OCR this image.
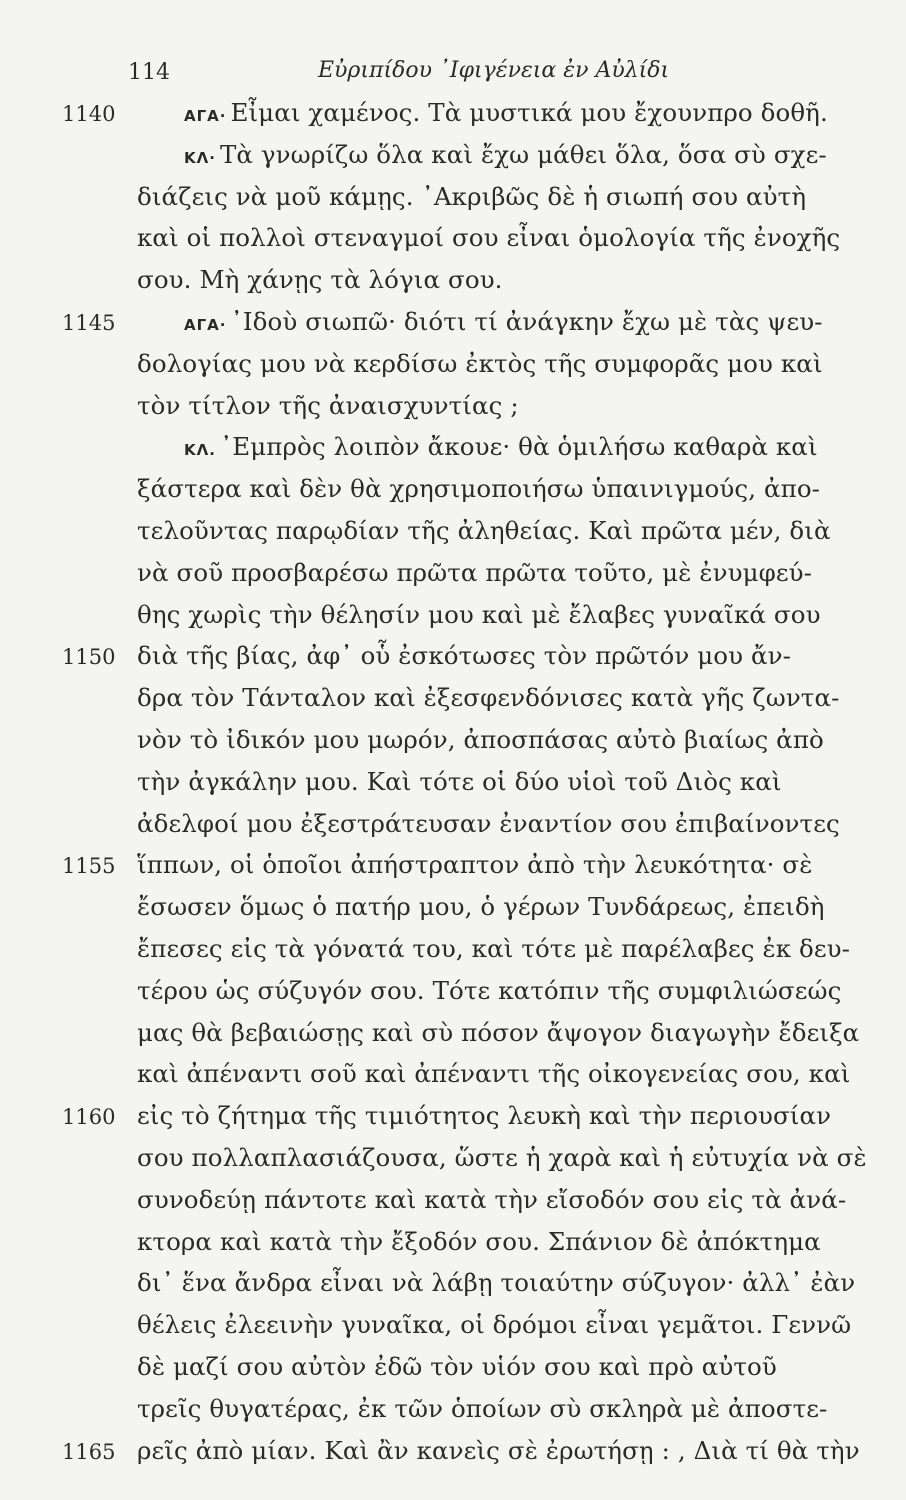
114	Εὐριπίδου ᾿Ιφιγένεια ἐν Αὐλίδι
1140	ΑΓΑ· Εἶμαι χαμένος. Τὰ μυστικά μου ἔχουνπρο δοθῆ.
ΚΛ· Τὰ γνωρίζω ὅλα καὶ ἔχω μάθει ὅλα, ὅσα σὺ σχε-
διάζεις νὰ μοῦ κάμῃς. ᾿Ακριβῶς δὲ ἡ σιωπή σου αὐτὴ
καὶ οἱ πολλοὶ στεναγμοί σου εἶναι ὁμολογία τῆς ἐνοχῆς
σου. Μὴ χάνῃς τὰ λόγια σου.
1145	ΑΓΑ· ᾿Ιδοὺ σιωπῶ· διότι τί ἀνάγκην ἔχω μὲ τὰς ψευ-
δολογίας μου νὰ κερδίσω ἐκτὸς τῆς συμφορᾶς μου καὶ
τὸν τίτλον τῆς ἀναισχυντίας ;
ΚΛ. ᾿Εμπρὸς λοιπὸν ἄκουε· θὰ ὁμιλήσω καθαρὰ καὶ
ξάστερα καὶ δὲν θὰ χρησιμοποιήσω ὑπαινιγμούς, ἀπο-
τελοῦντας παρῳδίαν τῆς ἀληθείας. Καὶ πρῶτα μέν, διὰ
νὰ σοῦ προσβαρέσω πρῶτα πρῶτα τοῦτο, μὲ ἐνυμφεύ-
θης χωρὶς τὴν θέλησίν μου καὶ μὲ ἔλαβες γυναῖκά σου
1150 διὰ τῆς βίας, ἀφ᾿ οὗ ἐσκότωσες τὸν πρῶτόν μου ἄν-
δρα τὸν Τάνταλον καὶ ἐξεσφενδόνισες κατὰ γῆς ζωντα-
νὸν τὸ ἰδικόν μου μωρόν, ἀποσπάσας αὐτὸ βιαίως ἀπὸ
τὴν ἀγκάλην μου. Καὶ τότε οἱ δύο υἱοὶ τοῦ Διὸς καὶ
ἀδελφοί μου ἐξεστράτευσαν ἐναντίον σου ἐπιβαίνοντες
1155 ἵππων, οἱ ὁποῖοι ἀπήστραπτον ἀπὸ τὴν λευκότητα· σὲ
ἔσωσεν ὅμως ὁ πατήρ μου, ὁ γέρων Τυνδάρεως, ἐπειδὴ
ἔπεσες εἰς τὰ γόνατά του, καὶ τότε μὲ παρέλαβες ἐκ δευ-
τέρου ὡς σύζυγόν σου. Τότε κατόπιν τῆς συμφιλιώσεώς
μας θὰ βεβαιώσῃς καὶ σὺ πόσον ἄψογον διαγωγὴν ἔδειξα
καὶ ἀπέναντι σοῦ καὶ ἀπέναντι τῆς οἰκογενείας σου, καὶ
1160 εἰς τὸ ζήτημα τῆς τιμιότητος λευκὴ καὶ τὴν περιουσίαν
σου πολλαπλασιάζουσα, ὥστε ἡ χαρὰ καὶ ἡ εὐτυχία νὰ σὲ
συνοδεύῃ πάντοτε καὶ κατὰ τὴν εἴσοδόν σου εἰς τὰ ἀνά-
κτορα καὶ κατὰ τὴν ἔξοδόν σου. Σπάνιον δὲ ἀπόκτημα
δι᾿ ἕνα ἄνδρα εἶναι νὰ λάβῃ τοιαύτην σύζυγον· ἀλλ᾿ ἐὰν
θέλεις ἐλεεινὴν γυναῖκα, οἱ δρόμοι εἶναι γεμᾶτοι. Γεννῶ
δὲ μαζί σου αὐτὸν ἐδῶ τὸν υἱόν σου καὶ πρὸ αὐτοῦ
τρεῖς θυγατέρας, ἐκ τῶν ὁποίων σὺ σκληρὰ μὲ ἀποστε-
1165 ρεῖς ἀπὸ μίαν. Καὶ ἂν κανεὶς σὲ ἐρωτήσῃ : , Διὰ τί θὰ τὴν
